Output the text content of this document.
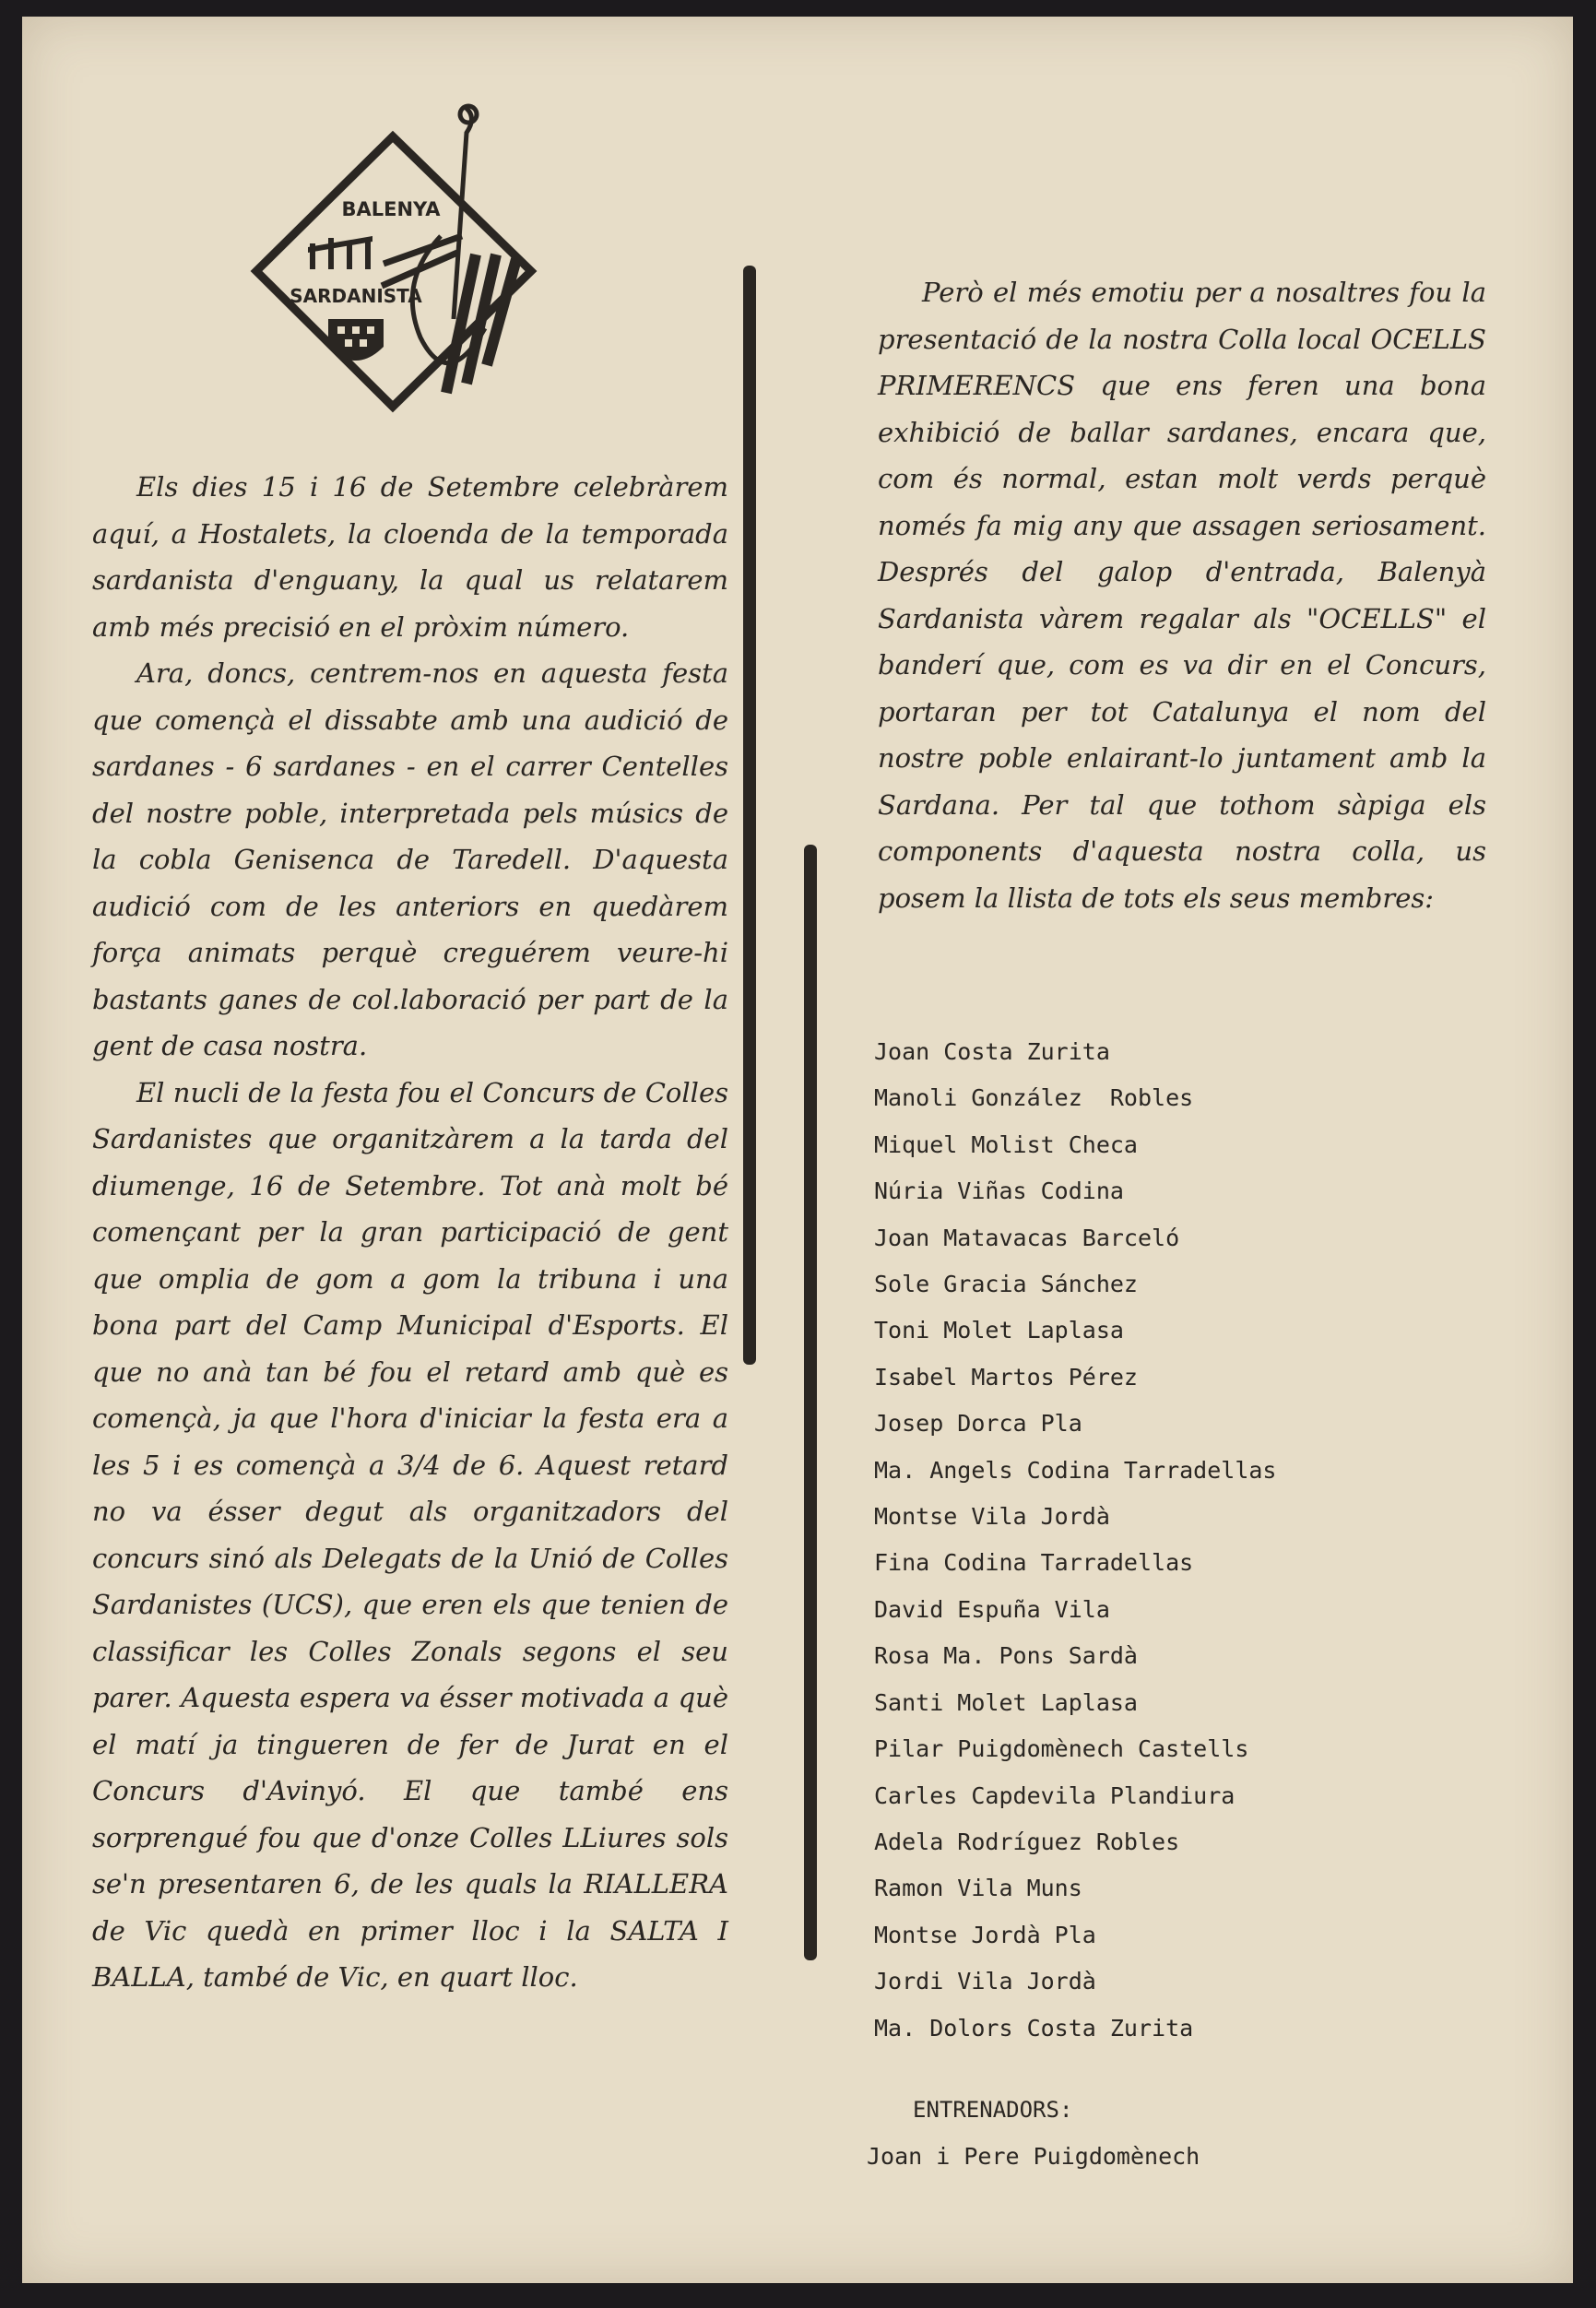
BALENYA
SARDANISTA

Els dies 15 i 16 de Setembre celebràrem aquí, a Hostalets, la cloenda de la temporada sardanista d'enguany, la qual us relatarem amb més precisió en el pròxim número.

Ara, doncs, centrem-nos en aquesta festa que començà el dissabte amb una audició de sardanes - 6 sardanes - en el carrer Centelles del nostre poble, interpretada pels músics de la cobla Genisenca de Taredell. D'aquesta audició com de les anteriors en quedàrem força animats perquè creguérem veure-hi bastants ganes de col.laboració per part de la gent de casa nostra.

El nucli de la festa fou el Concurs de Colles Sardanistes que organitzàrem a la tarda del diumenge, 16 de Setembre. Tot anà molt bé començant per la gran participació de gent que omplia de gom a gom la tribuna i una bona part del Camp Municipal d'Esports. El que no anà tan bé fou el retard amb què es començà, ja que l'hora d'iniciar la festa era a les 5 i es començà a 3/4 de 6. Aquest retard no va ésser degut als organitzadors del concurs sinó als Delegats de la Unió de Colles Sardanistes (UCS), que eren els que tenien de classificar les Colles Zonals segons el seu parer. Aquesta espera va ésser motivada a què el matí ja tingueren de fer de Jurat en el Concurs d'Avinyó. El que també ens sorprengué fou que d'onze Colles LLiures sols se'n presentaren 6, de les quals la RIALLERA de Vic quedà en primer lloc i la SALTA I BALLA, també de Vic, en quart lloc.

Però el més emotiu per a nosaltres fou la presentació de la nostra Colla local OCELLS PRIMERENCS que ens feren una bona exhibició de ballar sardanes, encara que, com és normal, estan molt verds perquè només fa mig any que assagen seriosament. Després del galop d'entrada, Balenyà Sardanista vàrem regalar als "OCELLS" el banderí que, com es va dir en el Concurs, portaran per tot Catalunya el nom del nostre poble enlairant-lo juntament amb la Sardana. Per tal que tothom sàpiga els components d'aquesta nostra colla, us posem la llista de tots els seus membres:

Joan Costa Zurita
Manoli González  Robles
Miquel Molist Checa
Núria Viñas Codina
Joan Matavacas Barceló
Sole Gracia Sánchez
Toni Molet Laplasa
Isabel Martos Pérez
Josep Dorca Pla
Ma. Angels Codina Tarradellas
Montse Vila Jordà
Fina Codina Tarradellas
David Espuña Vila
Rosa Ma. Pons Sardà
Santi Molet Laplasa
Pilar Puigdomènech Castells
Carles Capdevila Plandiura
Adela Rodríguez Robles
Ramon Vila Muns
Montse Jordà Pla
Jordi Vila Jordà
Ma. Dolors Costa Zurita
ENTRENADORS:
Joan i Pere Puigdomènech
